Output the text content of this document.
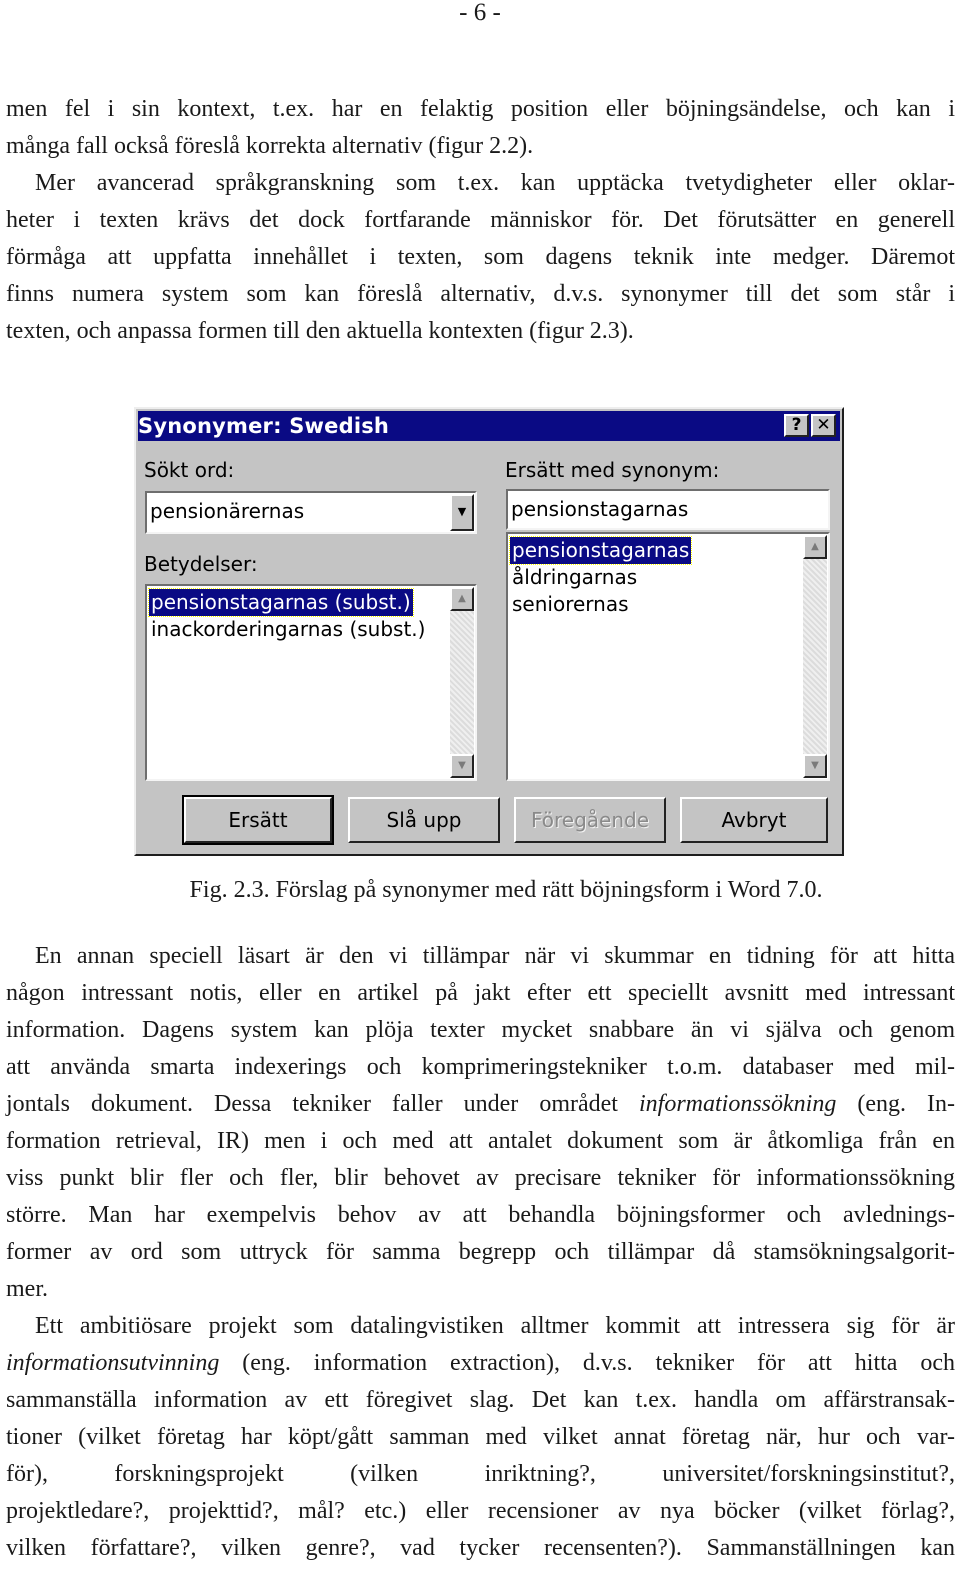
- 6 -
men fel i sin kontext, t.ex. har en felaktig position eller böjningsändelse, och kan i
många fall också föreslå korrekta alternativ (figur 2.2).
Mer avancerad språkgranskning som t.ex. kan upptäcka tvetydigheter eller oklar-
heter i texten krävs det dock fortfarande människor för. Det förutsätter en generell
förmåga att uppfatta innehållet i texten, som dagens teknik inte medger. Däremot
finns numera system som kan föreslå alternativ, d.v.s. synonymer till det som står i
texten, och anpassa formen till den aktuella kontexten (figur 2.3).
Synonymer: Swedish	? ✕
Sökt ord:
pensionärernas	▼
Betydelser:
pensionstagarnas (subst.)
inackorderingarnas (subst.)
▲
▼
Ersätt med synonym:
pensionstagarnas
pensionstagarnas
åldringarnas
seniorernas
▲
▼
Ersätt	Slå upp	Föregående	Avbryt
Fig. 2.3. Förslag på synonymer med rätt böjningsform i Word 7.0.
En annan speciell läsart är den vi tillämpar när vi skummar en tidning för att hitta
någon intressant notis, eller en artikel på jakt efter ett speciellt avsnitt med intressant
information. Dagens system kan plöja texter mycket snabbare än vi själva och genom
att använda smarta indexerings och komprimeringstekniker t.o.m. databaser med mil-
jontals dokument. Dessa tekniker faller under området informationssökning (eng. In-
formation retrieval, IR) men i och med att antalet dokument som är åtkomliga från en
viss punkt blir fler och fler, blir behovet av precisare tekniker för informationssökning
större. Man har exempelvis behov av att behandla böjningsformer och avlednings-
former av ord som uttryck för samma begrepp och tillämpar då stamsökningsalgorit-
mer.
Ett ambitiösare projekt som datalingvistiken alltmer kommit att intressera sig för är
informationsutvinning (eng. information extraction), d.v.s. tekniker för att hitta och
sammanställa information av ett föregivet slag. Det kan t.ex. handla om affärstransak-
tioner (vilket företag har köpt/gått samman med vilket annat företag när, hur och var-
för), forskningsprojekt (vilken inriktning?, universitet/forskningsinstitut?,
projektledare?, projekttid?, mål? etc.) eller recensioner av nya böcker (vilket förlag?,
vilken författare?, vilken genre?, vad tycker recensenten?). Sammanställningen kan
